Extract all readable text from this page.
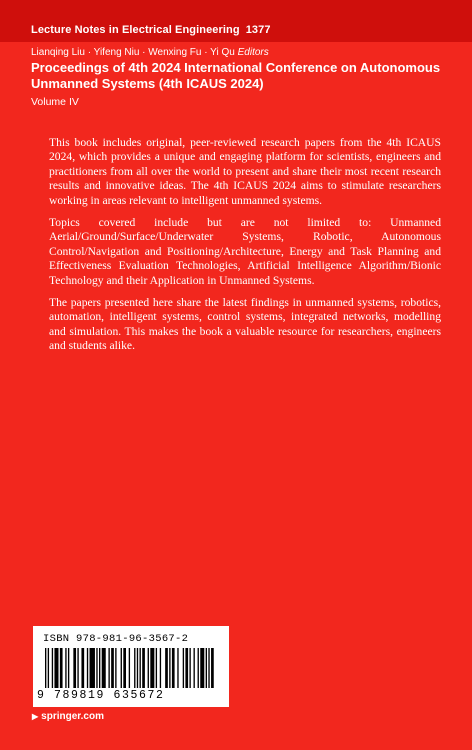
Lecture Notes in Electrical Engineering 1377
Lianqing Liu · Yifeng Niu · Wenxing Fu · Yi Qu Editors
Proceedings of 4th 2024 International Conference on Autonomous Unmanned Systems (4th ICAUS 2024)
Volume IV

This book includes original, peer-reviewed research papers from the 4th ICAUS 2024, which provides a unique and engaging platform for scientists, engineers and practitioners from all over the world to present and share their most recent research results and innovative ideas. The 4th ICAUS 2024 aims to stimulate researchers working in areas relevant to intelligent unmanned systems.

Topics covered include but are not limited to: Unmanned Aerial/Ground/Surface/Underwater Systems, Robotic, Autonomous Control/Navigation and Positioning/Architecture, Energy and Task Planning and Effectiveness Evaluation Technologies, Artificial Intelligence Algorithm/Bionic Technology and their Application in Unmanned Systems.

The papers presented here share the latest findings in unmanned systems, robotics, automation, intelligent systems, control systems, integrated networks, modelling and simulation. This makes the book a valuable resource for researchers, engineers and students alike.

ISBN 978-981-96-3567-2
9 789819 635672
▶ springer.com
